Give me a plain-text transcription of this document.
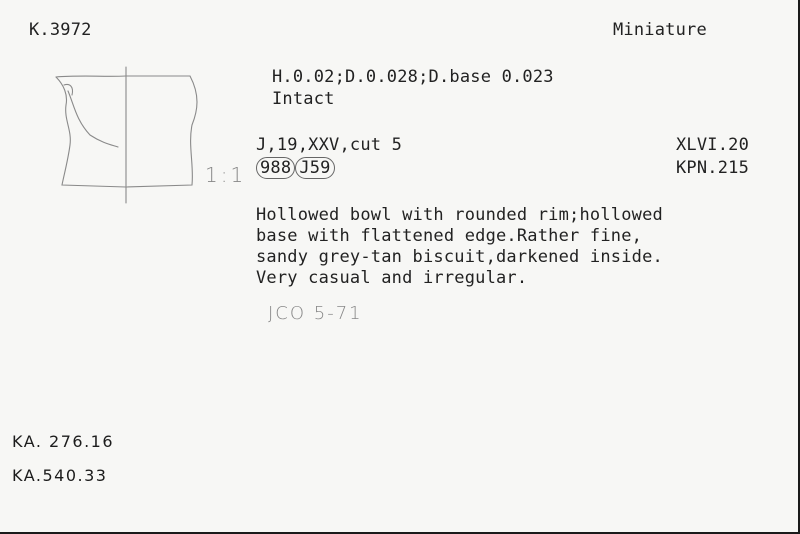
K.3972	Miniature
1:1
H.0.02;D.0.028;D.base 0.023
Intact
J,19,XXV,cut 5
988 J59
XLVI.20
KPN.215
Hollowed bowl with rounded rim;hollowed
base with flattened edge.Rather fine,
sandy grey-tan biscuit,darkened inside.
Very casual and irregular.
JCO 5-71
KA. 276.16
KA.540.33
